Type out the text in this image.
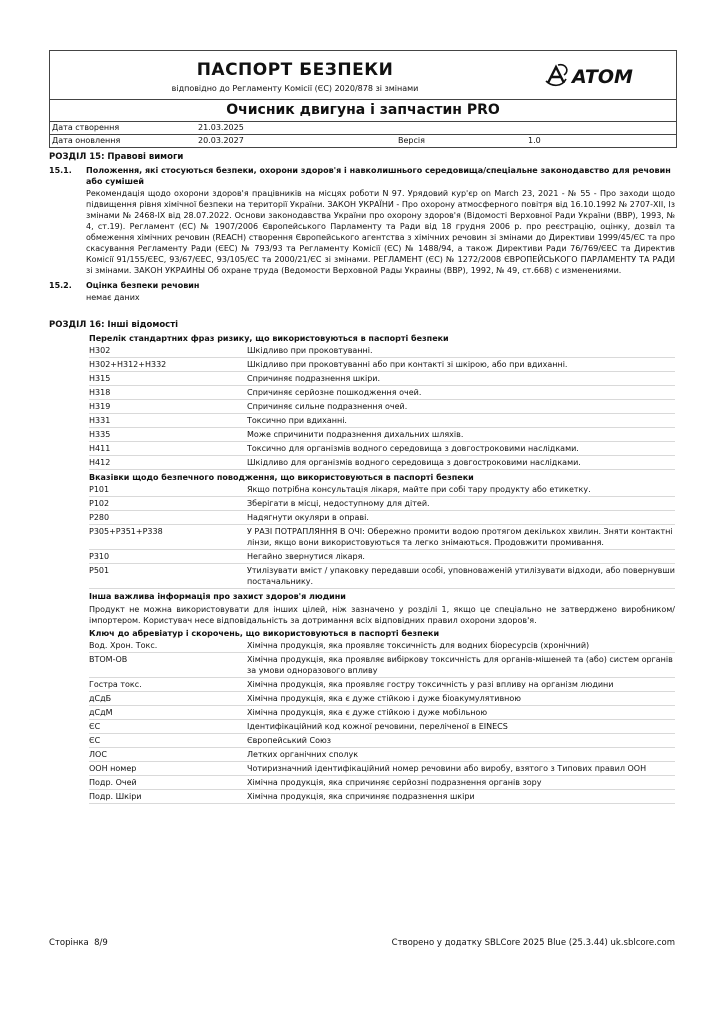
ПАСПОРТ БЕЗПЕКИ
відповідно до Регламенту Комісії (ЄС) 2020/878 зі змінами
ATOM
Очисник двигуна і запчастин PRO
Дата створення	21.03.2025
Дата оновлення	20.03.2027	Версія	1.0
РОЗДІЛ 15: Правові вимоги
15.1.	Положення, які стосуються безпеки, охорони здоров'я і навколишнього середовища/спеціальне законодавство для речовин або сумішей
Рекомендація щодо охорони здоров'я працівників на місцях роботи N 97. Урядовий кур'єр on March 23, 2021 - № 55 - Про заходи щодо підвищення рівня хімічної безпеки на території України. ЗАКОН УКРАЇНИ - Про охорону атмосферного повітря від 16.10.1992 № 2707-XII, Із змінами № 2468-IX від 28.07.2022. Основи законодавства України про охорону здоров'я (Відомості Верховної Ради України (ВВР), 1993, № 4, ст.19). Регламент (ЄС) № 1907/2006 Європейського Парламенту та Ради від 18 грудня 2006 р. про реєстрацію, оцінку, дозвіл та обмеження хімічних речовин (REACH) створення Європейського агентства з хімічних речовин зі змінами до Директиви 1999/45/ЄС та про скасування Регламенту Ради (ЄЕС) № 793/93 та Регламенту Комісії (ЄС) № 1488/94, а також Директиви Ради 76/769/ЄЕС та Директив Комісії 91/155/ЄЕС, 93/67/ЄЕС, 93/105/ЄС та 2000/21/ЄС зі змінами. РЕГЛАМЕНТ (ЄС) № 1272/2008 ЄВРОПЕЙСЬКОГО ПАРЛАМЕНТУ ТА РАДИ зі змінами. ЗАКОН УКРАИНЫ Об охране труда (Ведомости Верховной Рады Украины (ВВР), 1992, № 49, ст.668) с изменениями.
15.2.	Оцінка безпеки речовин
немає даних
РОЗДІЛ 16: Інші відомості
Перелік стандартних фраз ризику, що використовуються в паспорті безпеки
H302	Шкідливо при проковтуванні.
H302+H312+H332	Шкідливо при проковтуванні або при контакті зі шкірою, або при вдиханні.
H315	Спричиняє подразнення шкіри.
H318	Спричиняє серйозне пошкодження очей.
H319	Спричиняє сильне подразнення очей.
H331	Токсично при вдиханні.
H335	Може спричинити подразнення дихальних шляхів.
H411	Токсично для організмів водного середовища з довгостроковими наслідками.
H412	Шкідливо для організмів водного середовища з довгостроковими наслідками.
Вказівки щодо безпечного поводження, що використовуються в паспорті безпеки
P101	Якщо потрібна консультація лікаря, майте при собі тару продукту або етикетку.
P102	Зберігати в місці, недоступному для дітей.
P280	Надягнути окуляри в оправі.
P305+P351+P338	У РАЗІ ПОТРАПЛЯННЯ В ОЧІ: Обережно промити водою протягом декількох хвилин. Зняти контактні лінзи, якщо вони використовуються та легко знімаються. Продовжити промивання.
P310	Негайно звернутися лікаря.
P501	Утилізувати вміст / упаковку передавши особі, уповноваженій утилізувати відходи, або повернувши постачальнику.
Інша важлива інформація про захист здоров'я людини
Продукт не можна використовувати для інших цілей, ніж зазначено у розділі 1, якщо це спеціально не затверджено виробником/імпортером. Користувач несе відповідальність за дотримання всіх відповідних правил охорони здоров'я.
Ключ до абревіатур і скорочень, що використовуються в паспорті безпеки
Вод. Хрон. Токс.	Хімічна продукція, яка проявляє токсичність для водних біоресурсів (хронічний)
ВТОМ-ОВ	Хімічна продукція, яка проявляє вибіркову токсичність для органів-мішеней та (або) систем органів за умови одноразового впливу
Гостра токс.	Хімічна продукція, яка проявляє гостру токсичність у разі впливу на організм людини
дСдБ	Хімічна продукція, яка є дуже стійкою і дуже біоакумулятивною
дСдМ	Хімічна продукція, яка є дуже стійкою і дуже мобільною
ЄС	Ідентифікаційний код кожної речовини, переліченої в EINECS
ЄС	Європейський Союз
ЛОС	Летких органічних сполук
ООН номер	Чотиризначний ідентифікаційний номер речовини або виробу, взятого з Типових правил ООН
Подр. Очей	Хімічна продукція, яка спричиняє серйозні подразнення органів зору
Подр. Шкіри	Хімічна продукція, яка спричиняє подразнення шкіри
Сторінка  8/9	Створено у додатку SBLCore 2025 Blue (25.3.44) uk.sblcore.com
